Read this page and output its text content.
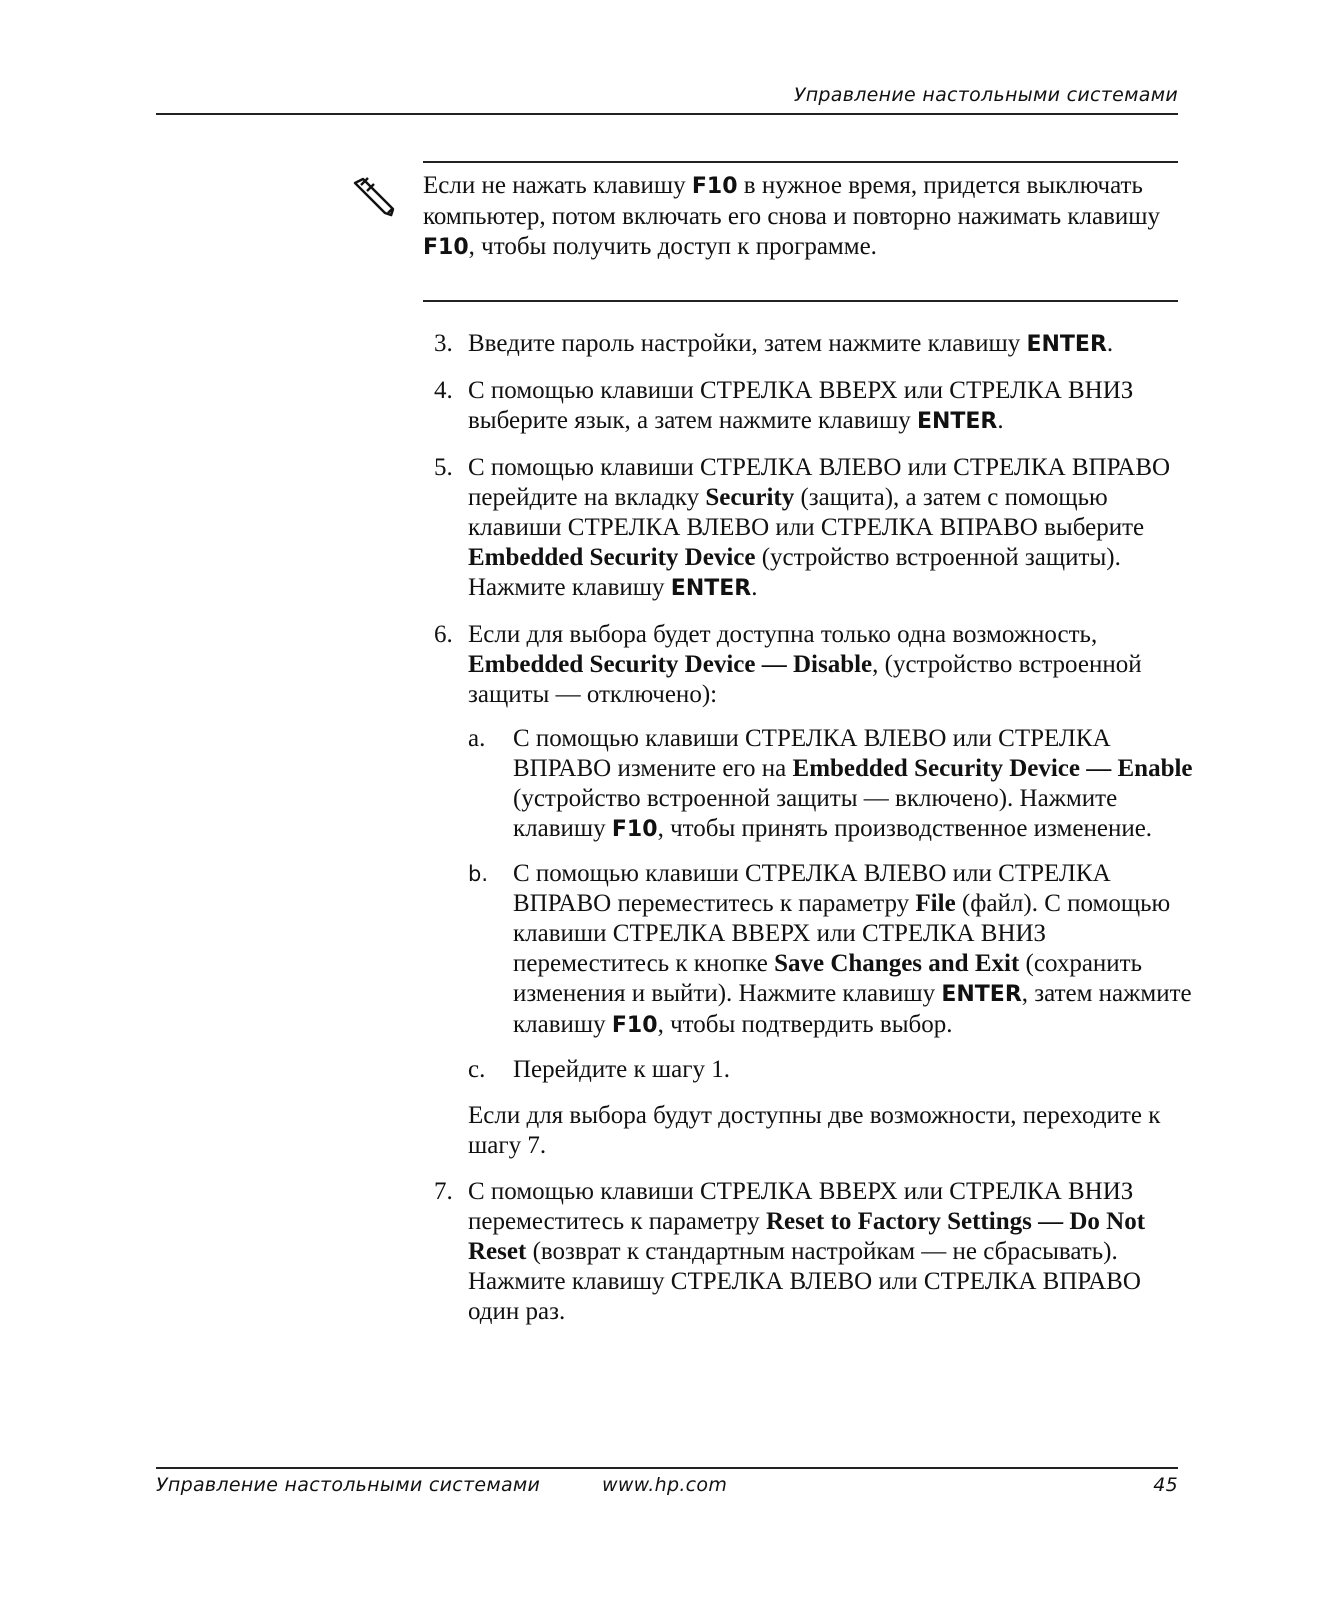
Управление настольными системами
Если не нажать клавишу F10 в нужное время, придется выключать компьютер, потом включать его снова и повторно нажимать клавишу F10, чтобы получить доступ к программе.
3. Введите пароль настройки, затем нажмите клавишу ENTER.
4. С помощью клавиши СТРЕЛКА ВВЕРХ или СТРЕЛКА ВНИЗ выберите язык, а затем нажмите клавишу ENTER.
5. С помощью клавиши СТРЕЛКА ВЛЕВО или СТРЕЛКА ВПРАВО перейдите на вкладку Security (защита), а затем с помощью клавиши СТРЕЛКА ВЛЕВО или СТРЕЛКА ВПРАВО выберите Embedded Security Device (устройство встроенной защиты). Нажмите клавишу ENTER.
6. Если для выбора будет доступна только одна возможность, Embedded Security Device — Disable, (устройство встроенной защиты — отключено):
a. С помощью клавиши СТРЕЛКА ВЛЕВО или СТРЕЛКА ВПРАВО измените его на Embedded Security Device — Enable (устройство встроенной защиты — включено). Нажмите клавишу F10, чтобы принять производственное изменение.
b. С помощью клавиши СТРЕЛКА ВЛЕВО или СТРЕЛКА ВПРАВО переместитесь к параметру File (файл). С помощью клавиши СТРЕЛКА ВВЕРХ или СТРЕЛКА ВНИЗ переместитесь к кнопке Save Changes and Exit (сохранить изменения и выйти). Нажмите клавишу ENTER, затем нажмите клавишу F10, чтобы подтвердить выбор.
c. Перейдите к шагу 1.
Если для выбора будут доступны две возможности, переходите к шагу 7.
7. С помощью клавиши СТРЕЛКА ВВЕРХ или СТРЕЛКА ВНИЗ переместитесь к параметру Reset to Factory Settings — Do Not Reset (возврат к стандартным настройкам — не сбрасывать). Нажмите клавишу СТРЕЛКА ВЛЕВО или СТРЕЛКА ВПРАВО один раз.
Управление настольными системами	www.hp.com	45
